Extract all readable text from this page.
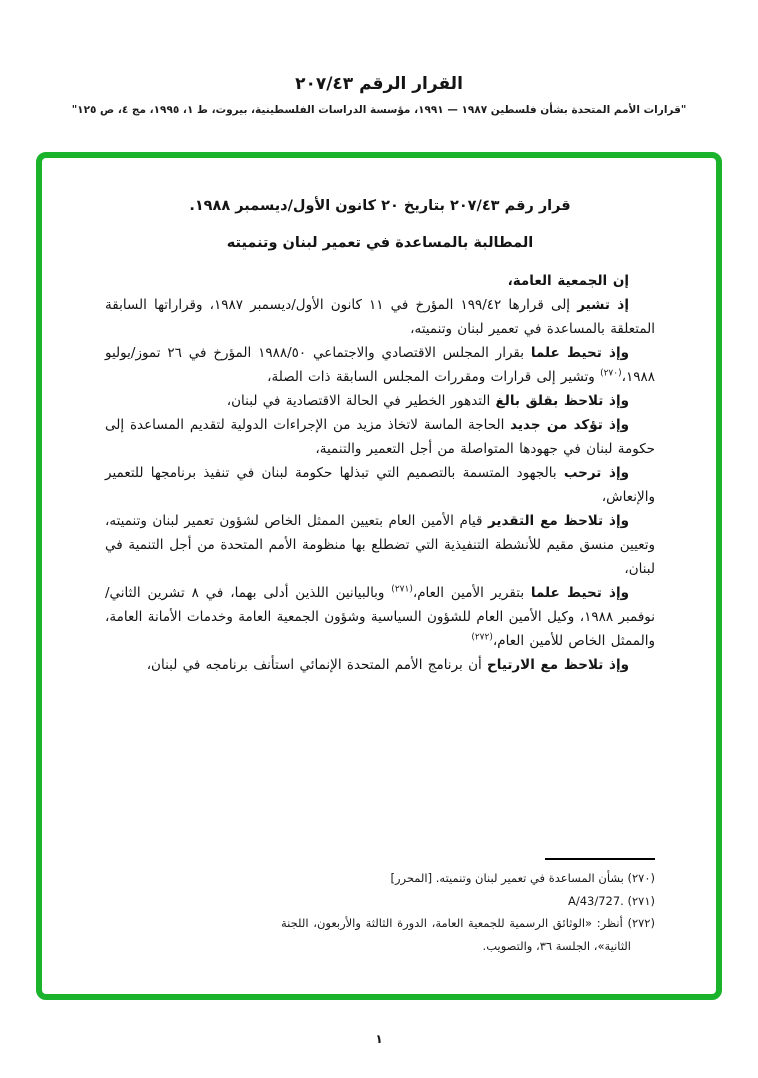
القرار الرقم ٢٠٧/٤٣
"قرارات الأمم المتحدة بشأن فلسطين ١٩٨٧ — ١٩٩١، مؤسسة الدراسات الفلسطينية، بيروت، ط ١، ١٩٩٥، مج ٤، ص ١٢٥"
قرار رقم ٢٠٧/٤٣ بتاريخ ٢٠ كانون الأول/ديسمبر ١٩٨٨.
المطالبة بالمساعدة في تعمير لبنان وتنميته

إن الجمعية العامة،

إذ تشير إلى قرارها ١٩٩/٤٢ المؤرخ في ١١ كانون الأول/ديسمبر ١٩٨٧، وقراراتها السابقة المتعلقة بالمساعدة في تعمير لبنان وتنميته،

وإذ تحيط علما بقرار المجلس الاقتصادي والاجتماعي ١٩٨٨/٥٠ المؤرخ في ٢٦ تموز/يوليو ١٩٨٨،$^{(٢٧٠)}$ وتشير إلى قرارات ومقررات المجلس السابقة ذات الصلة،

وإذ تلاحظ بقلق بالغ التدهور الخطير في الحالة الاقتصادية في لبنان،

وإذ تؤكد من جديد الحاجة الماسة لاتخاذ مزيد من الإجراءات الدولية لتقديم المساعدة إلى حكومة لبنان في جهودها المتواصلة من أجل التعمير والتنمية،

وإذ ترحب بالجهود المتسمة بالتصميم التي تبذلها حكومة لبنان في تنفيذ برنامجها للتعمير والإنعاش،

وإذ تلاحظ مع التقدير قيام الأمين العام بتعيين الممثل الخاص لشؤون تعمير لبنان وتنميته، وتعيين منسق مقيم للأنشطة التنفيذية التي تضطلع بها منظومة الأمم المتحدة من أجل التنمية في لبنان،

وإذ تحيط علما بتقرير الأمين العام،$^{(٢٧١)}$ وبالبيانين اللذين أدلى بهما، في ٨ تشرين الثاني/نوفمبر ١٩٨٨، وكيل الأمين العام للشؤون السياسية وشؤون الجمعية العامة وخدمات الأمانة العامة، والممثل الخاص للأمين العام،$^{(٢٧٢)}$

وإذ تلاحظ مع الارتياح أن برنامج الأمم المتحدة الإنمائي استأنف برنامجه في لبنان،

(٢٧٠) بشأن المساعدة في تعمير لبنان وتنميته. [المحرر]
(٢٧١) A/43/727.
(٢٧٢) أنظر: «الوثائق الرسمية للجمعية العامة، الدورة الثالثة والأربعون، اللجنة الثانية»، الجلسة ٣٦، والتصويب.
١
